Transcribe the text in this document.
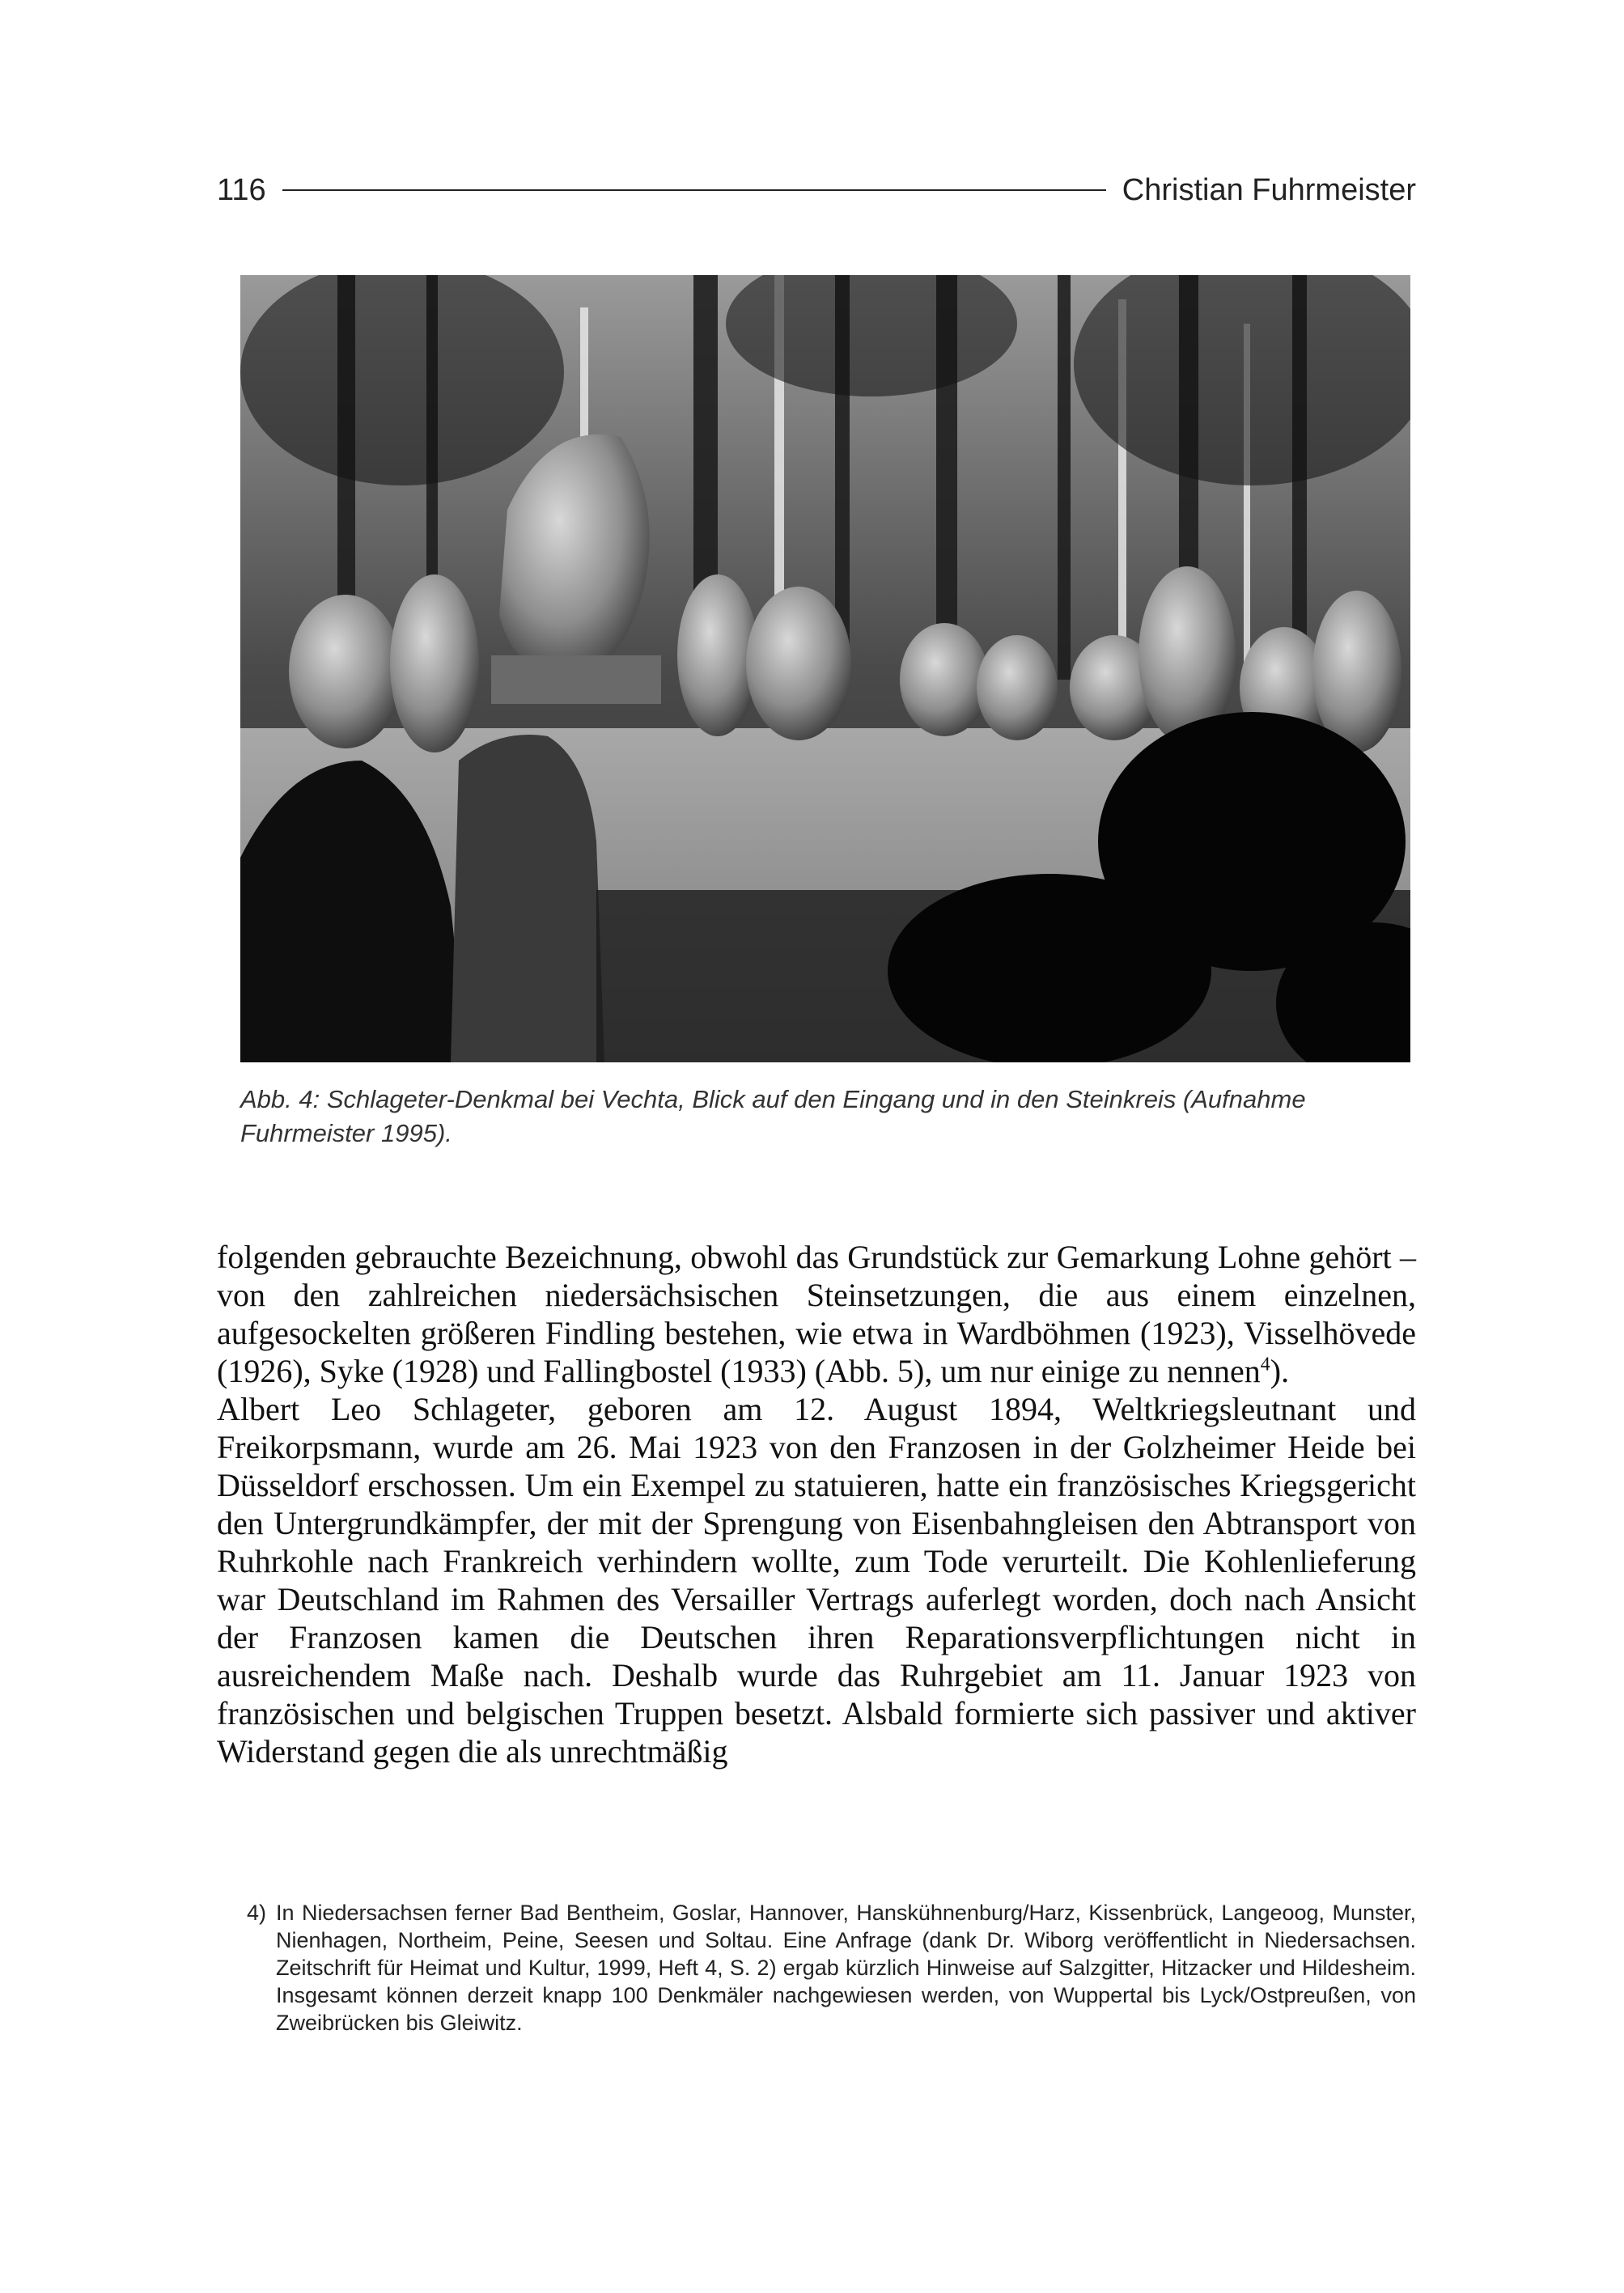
116	Christian Fuhrmeister
Abb. 4: Schlageter-Denkmal bei Vechta, Blick auf den Eingang und in den Steinkreis (Aufnahme Fuhrmeister 1995).

folgenden gebrauchte Bezeichnung, obwohl das Grundstück zur Gemarkung Lohne gehört – von den zahlreichen niedersächsischen Steinsetzungen, die aus einem einzelnen, aufgesockelten größeren Findling bestehen, wie etwa in Wardböhmen (1923), Visselhövede (1926), Syke (1928) und Fallingbostel (1933) (Abb. 5), um nur einige zu nennen$^4$).

Albert Leo Schlageter, geboren am 12. August 1894, Weltkriegsleutnant und Freikorpsmann, wurde am 26. Mai 1923 von den Franzosen in der Golzheimer Heide bei Düsseldorf erschossen. Um ein Exempel zu statuieren, hatte ein französisches Kriegsgericht den Untergrundkämpfer, der mit der Sprengung von Eisenbahngleisen den Abtransport von Ruhrkohle nach Frankreich verhindern wollte, zum Tode verurteilt. Die Kohlenlieferung war Deutschland im Rahmen des Versailler Vertrags auferlegt worden, doch nach Ansicht der Franzosen kamen die Deutschen ihren Reparationsverpflichtungen nicht in ausreichendem Maße nach. Deshalb wurde das Ruhrgebiet am 11. Januar 1923 von französischen und belgischen Truppen besetzt. Alsbald formierte sich passiver und aktiver Widerstand gegen die als unrechtmäßig

4) In Niedersachsen ferner Bad Bentheim, Goslar, Hannover, Hanskühnenburg/Harz, Kissenbrück, Langeoog, Munster, Nienhagen, Northeim, Peine, Seesen und Soltau. Eine Anfrage (dank Dr. Wiborg veröffentlicht in Niedersachsen. Zeitschrift für Heimat und Kultur, 1999, Heft 4, S. 2) ergab kürzlich Hinweise auf Salzgitter, Hitzacker und Hildesheim. Insgesamt können derzeit knapp 100 Denkmäler nachgewiesen werden, von Wuppertal bis Lyck/Ostpreußen, von Zweibrücken bis Gleiwitz.
